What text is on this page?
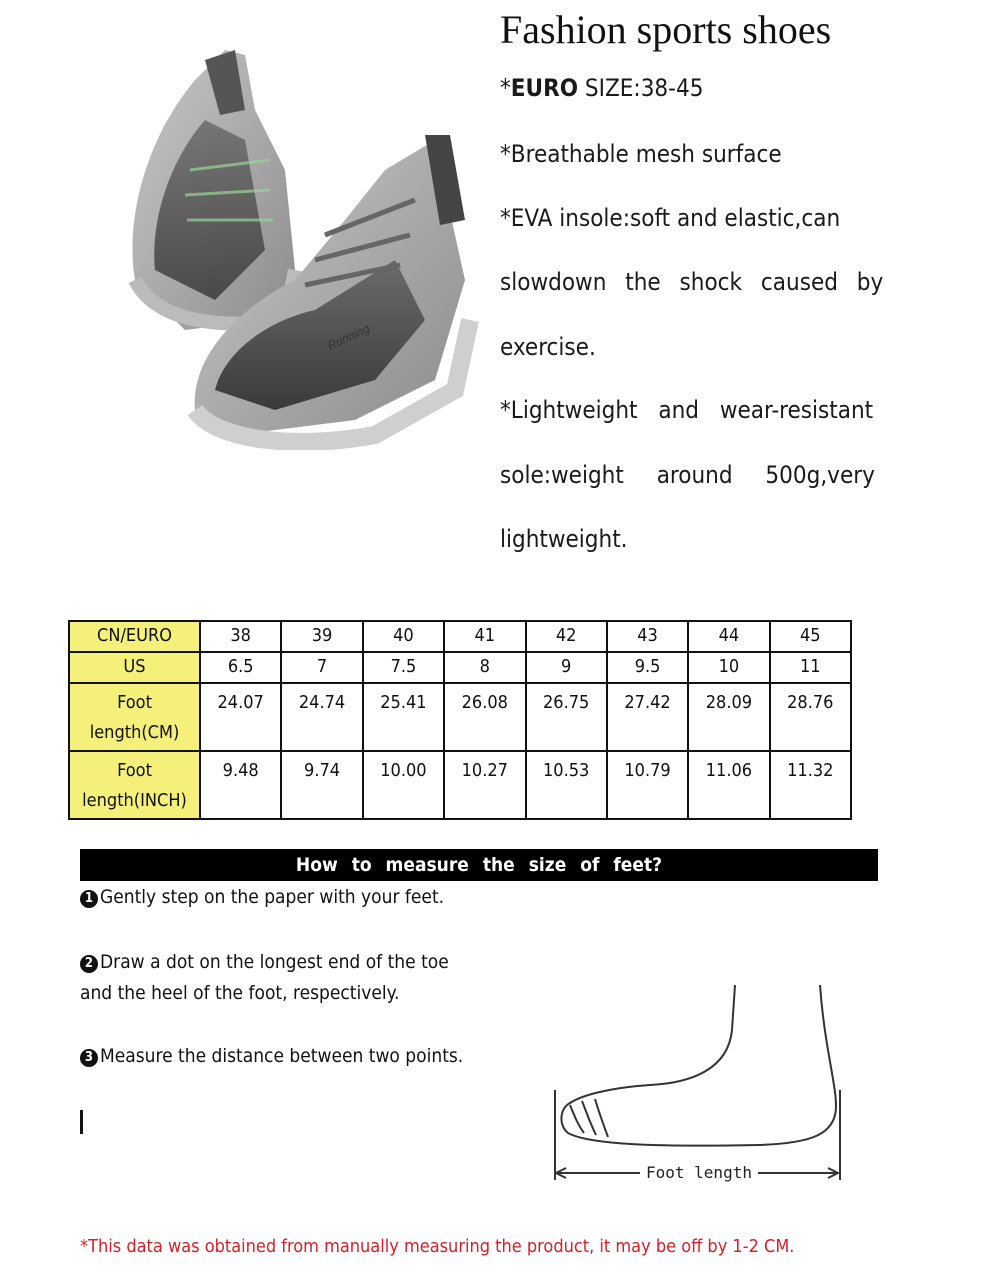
Running
Fashion sports shoes
*EURO SIZE:38-45
*Breathable mesh surface
*EVA insole:soft and elastic,can
slowdown the shock caused by
exercise.
*Lightweight and wear-resistant
sole:weight around 500g,very
lightweight.
CN/EURO	38	39	40	41	42	43	44	45
US	6.5	7	7.5	8	9	9.5	10	11
Foot length(CM)	24.07	24.74	25.41	26.08	26.75	27.42	28.09	28.76
Foot length(INCH)	9.48	9.74	10.00	10.27	10.53	10.79	11.06	11.32
How to measure the size of feet?
1 Gently step on the paper with your feet.
2 Draw a dot on the longest end of the toe
and the heel of the foot, respectively.
3 Measure the distance between two points.
Foot length
*This data was obtained from manually measuring the product, it may be off by 1-2 CM.
